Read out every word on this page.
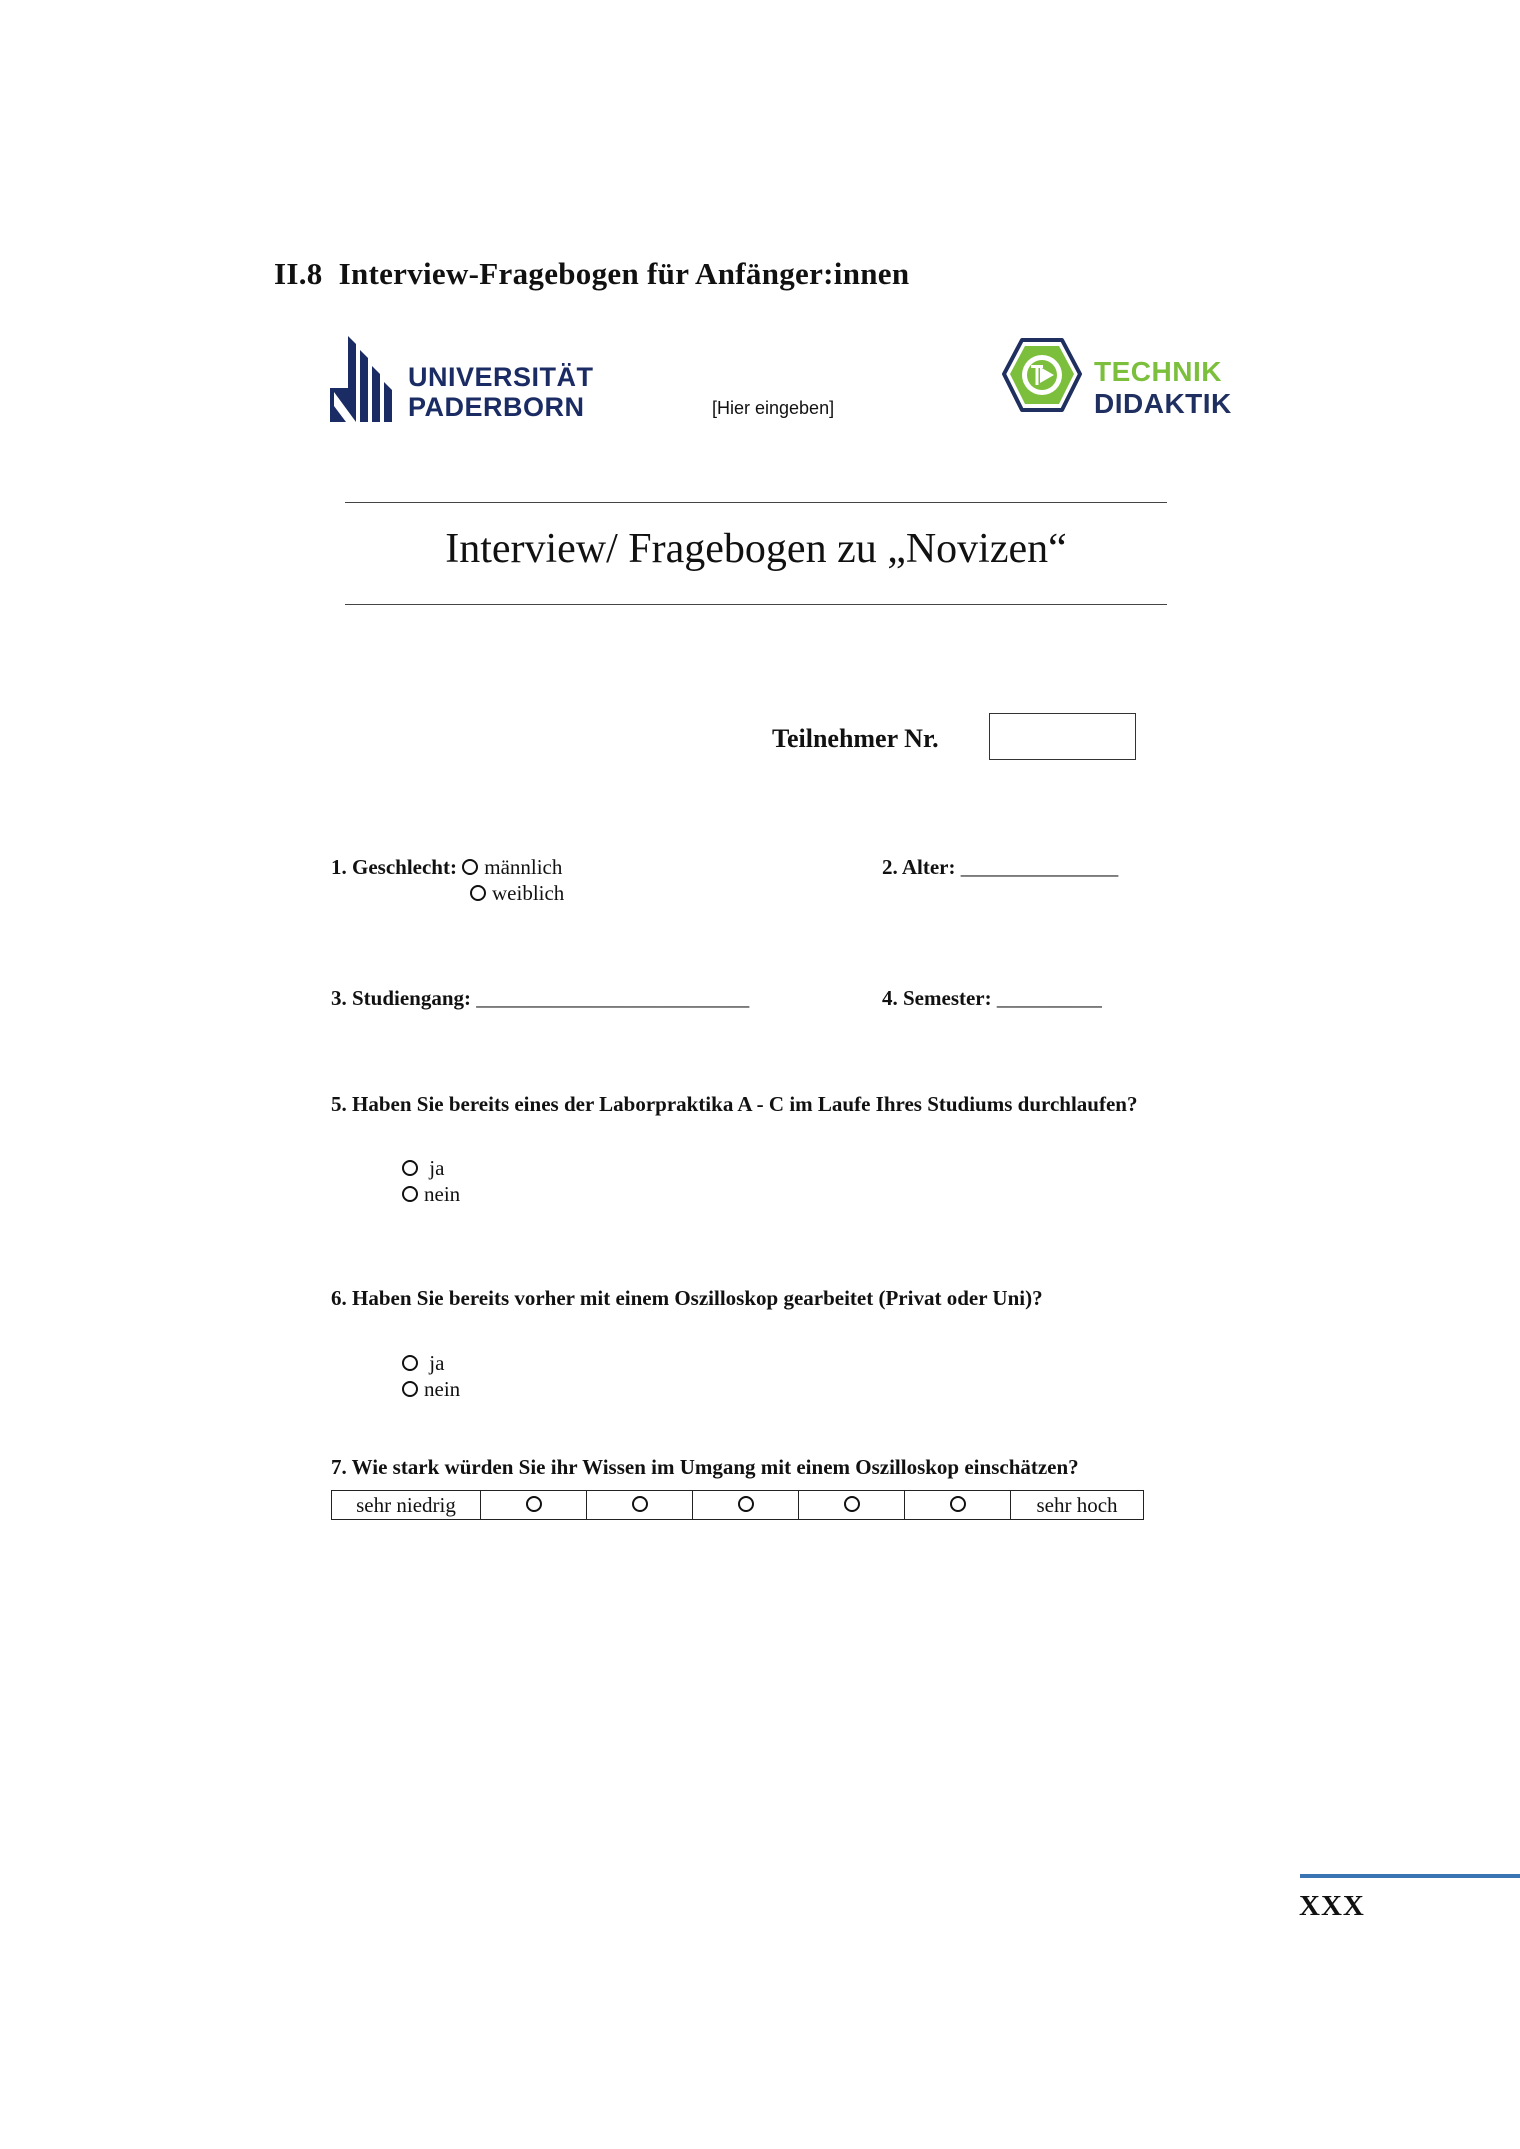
II.8 Interview-Fragebogen für Anfänger:innen
UNIVERSITÄT
PADERBORN	[Hier eingeben]
TECHNIK
DIDAKTIK
Interview/ Fragebogen zu „Novizen“
Teilnehmer Nr.
1. Geschlecht: männlich
weiblich
2. Alter: _______________
3. Studiengang: __________________________	4. Semester: __________
5. Haben Sie bereits eines der Laborpraktika A - C im Laufe Ihres Studiums durchlaufen?
ja
nein
6. Haben Sie bereits vorher mit einem Oszilloskop gearbeitet (Privat oder Uni)?
ja
nein
7. Wie stark würden Sie ihr Wissen im Umgang mit einem Oszilloskop einschätzen?
sehr niedrig						sehr hoch
XXX
